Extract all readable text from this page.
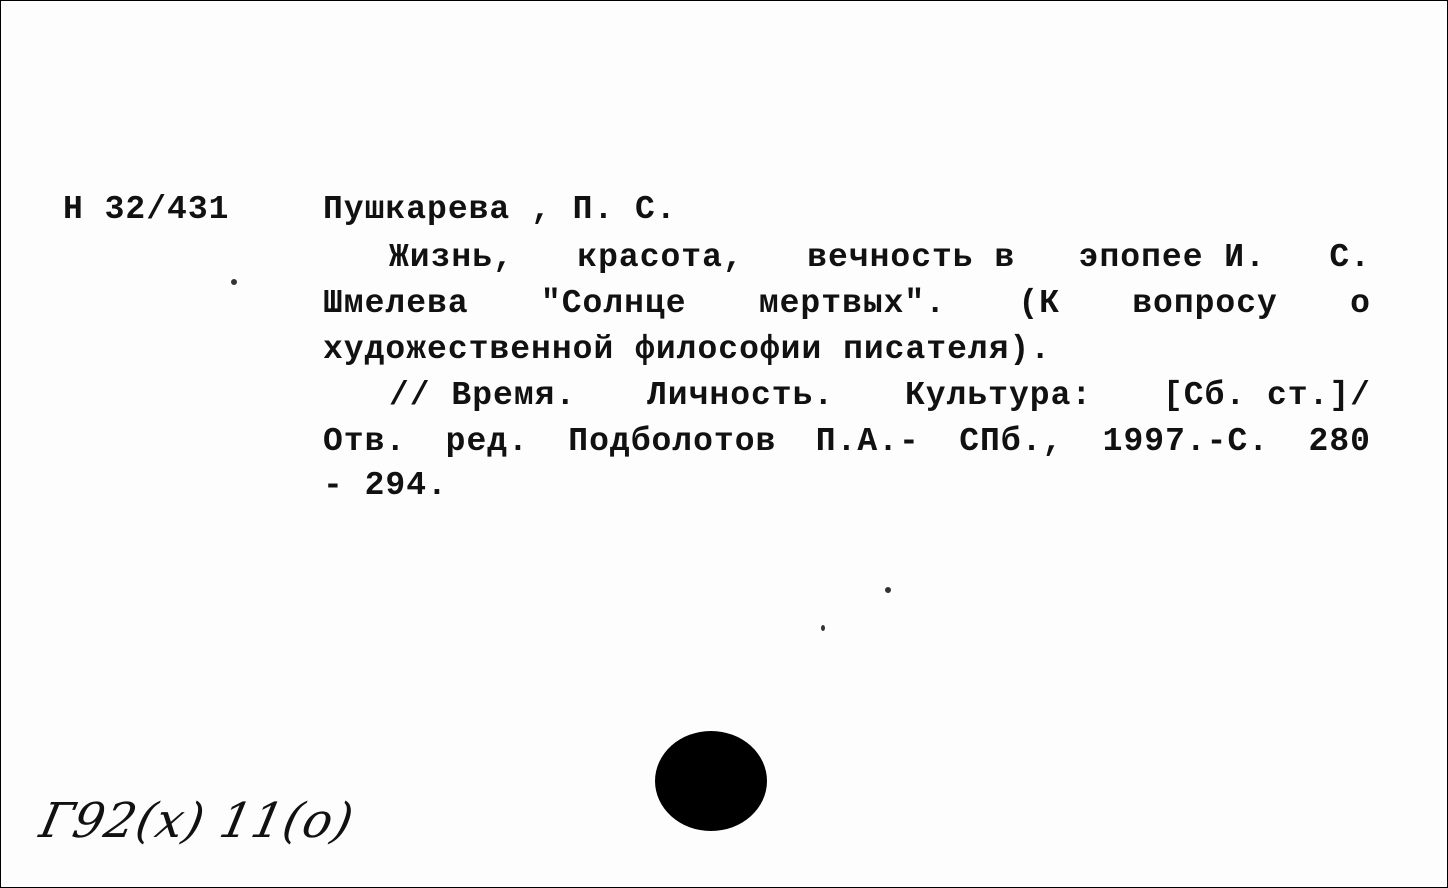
Н 32/431	Пушкарева , П. С.
Жизнь, красота, вечность в эпопее И. С.
Шмелева "Солнце мертвых". (К вопросу о
художественной философии писателя).
// Время. Личность. Культура: [Сб. ст.]/
Отв. ред. Подболотов П.А.- СПб., 1997.-С. 280
- 294.
Г92(х) 11(о)
